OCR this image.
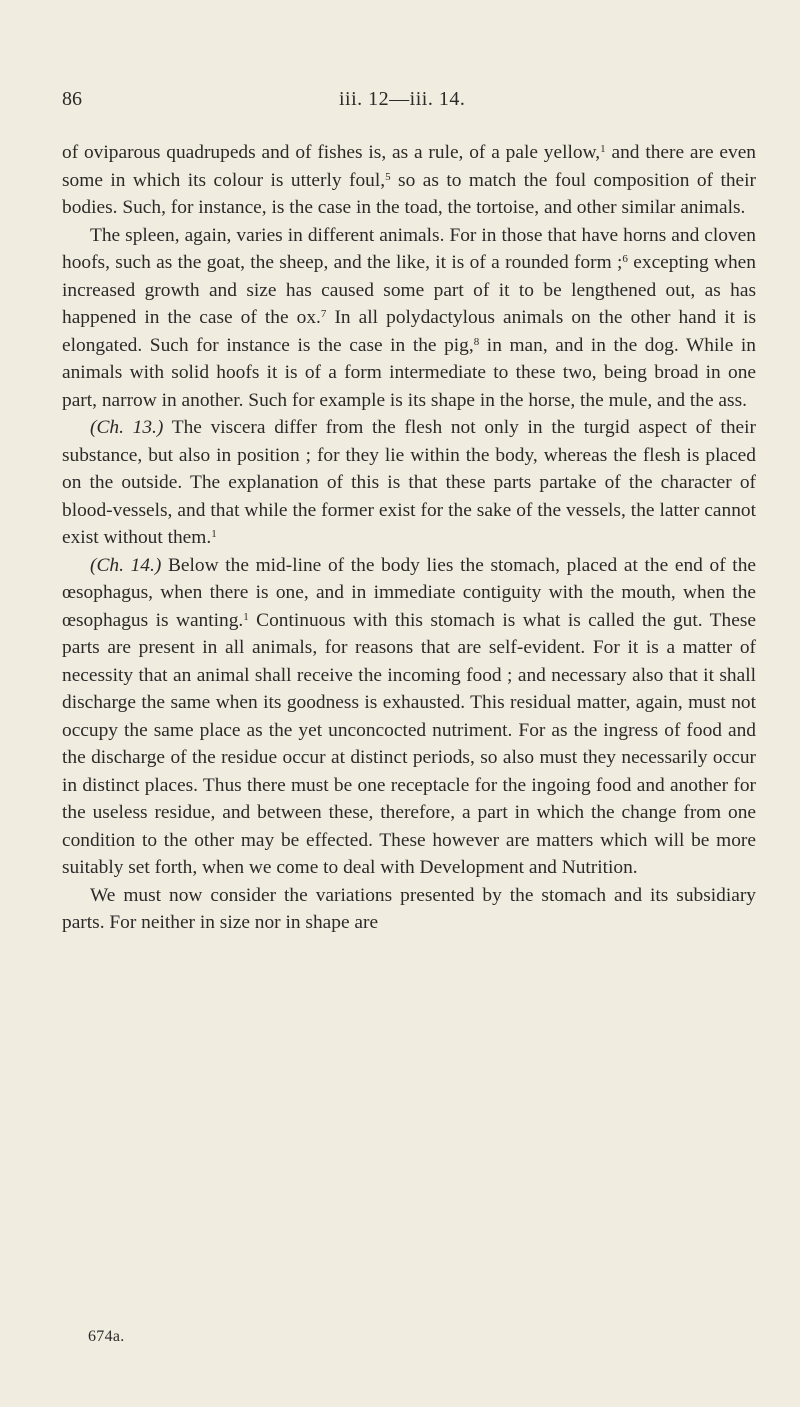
86	iii. 12—iii. 14.

of oviparous quadrupeds and of fishes is, as a rule, of a pale yellow,$^1$ and there are even some in which its colour is utterly foul,$^5$ so as to match the foul composition of their bodies. Such, for instance, is the case in the toad, the tortoise, and other similar animals.

The spleen, again, varies in different animals. For in those that have horns and cloven hoofs, such as the goat, the sheep, and the like, it is of a rounded form ;$^6$ excepting when increased growth and size has caused some part of it to be lengthened out, as has happened in the case of the ox.$^7$ In all polydactylous animals on the other hand it is elongated. Such for instance is the case in the pig,$^8$ in man, and in the dog. While in animals with solid hoofs it is of a form intermediate to these two, being broad in one part, narrow in another. Such for example is its shape in the horse, the mule, and the ass.

(Ch. 13.) The viscera differ from the flesh not only in the turgid aspect of their substance, but also in position ; for they lie within the body, whereas the flesh is placed on the outside. The explanation of this is that these parts partake of the character of blood-vessels, and that while the former exist for the sake of the vessels, the latter cannot exist without them.$^1$

(Ch. 14.) Below the mid-line of the body lies the stomach, placed at the end of the œsophagus, when there is one, and in immediate contiguity with the mouth, when the œsophagus is wanting.$^1$ Continuous with this stomach is what is called the gut. These parts are present in all animals, for reasons that are self-evident. For it is a matter of necessity that an animal shall receive the incoming food ; and necessary also that it shall discharge the same when its goodness is exhausted. This residual matter, again, must not occupy the same place as the yet unconcocted nutriment. For as the ingress of food and the discharge of the residue occur at distinct periods, so also must they necessarily occur in distinct places. Thus there must be one receptacle for the ingoing food and another for the useless residue, and between these, therefore, a part in which the change from one condition to the other may be effected. These however are matters which will be more suitably set forth, when we come to deal with Development and Nutrition.

We must now consider the variations presented by the stomach and its subsidiary parts. For neither in size nor in shape are

674a.
